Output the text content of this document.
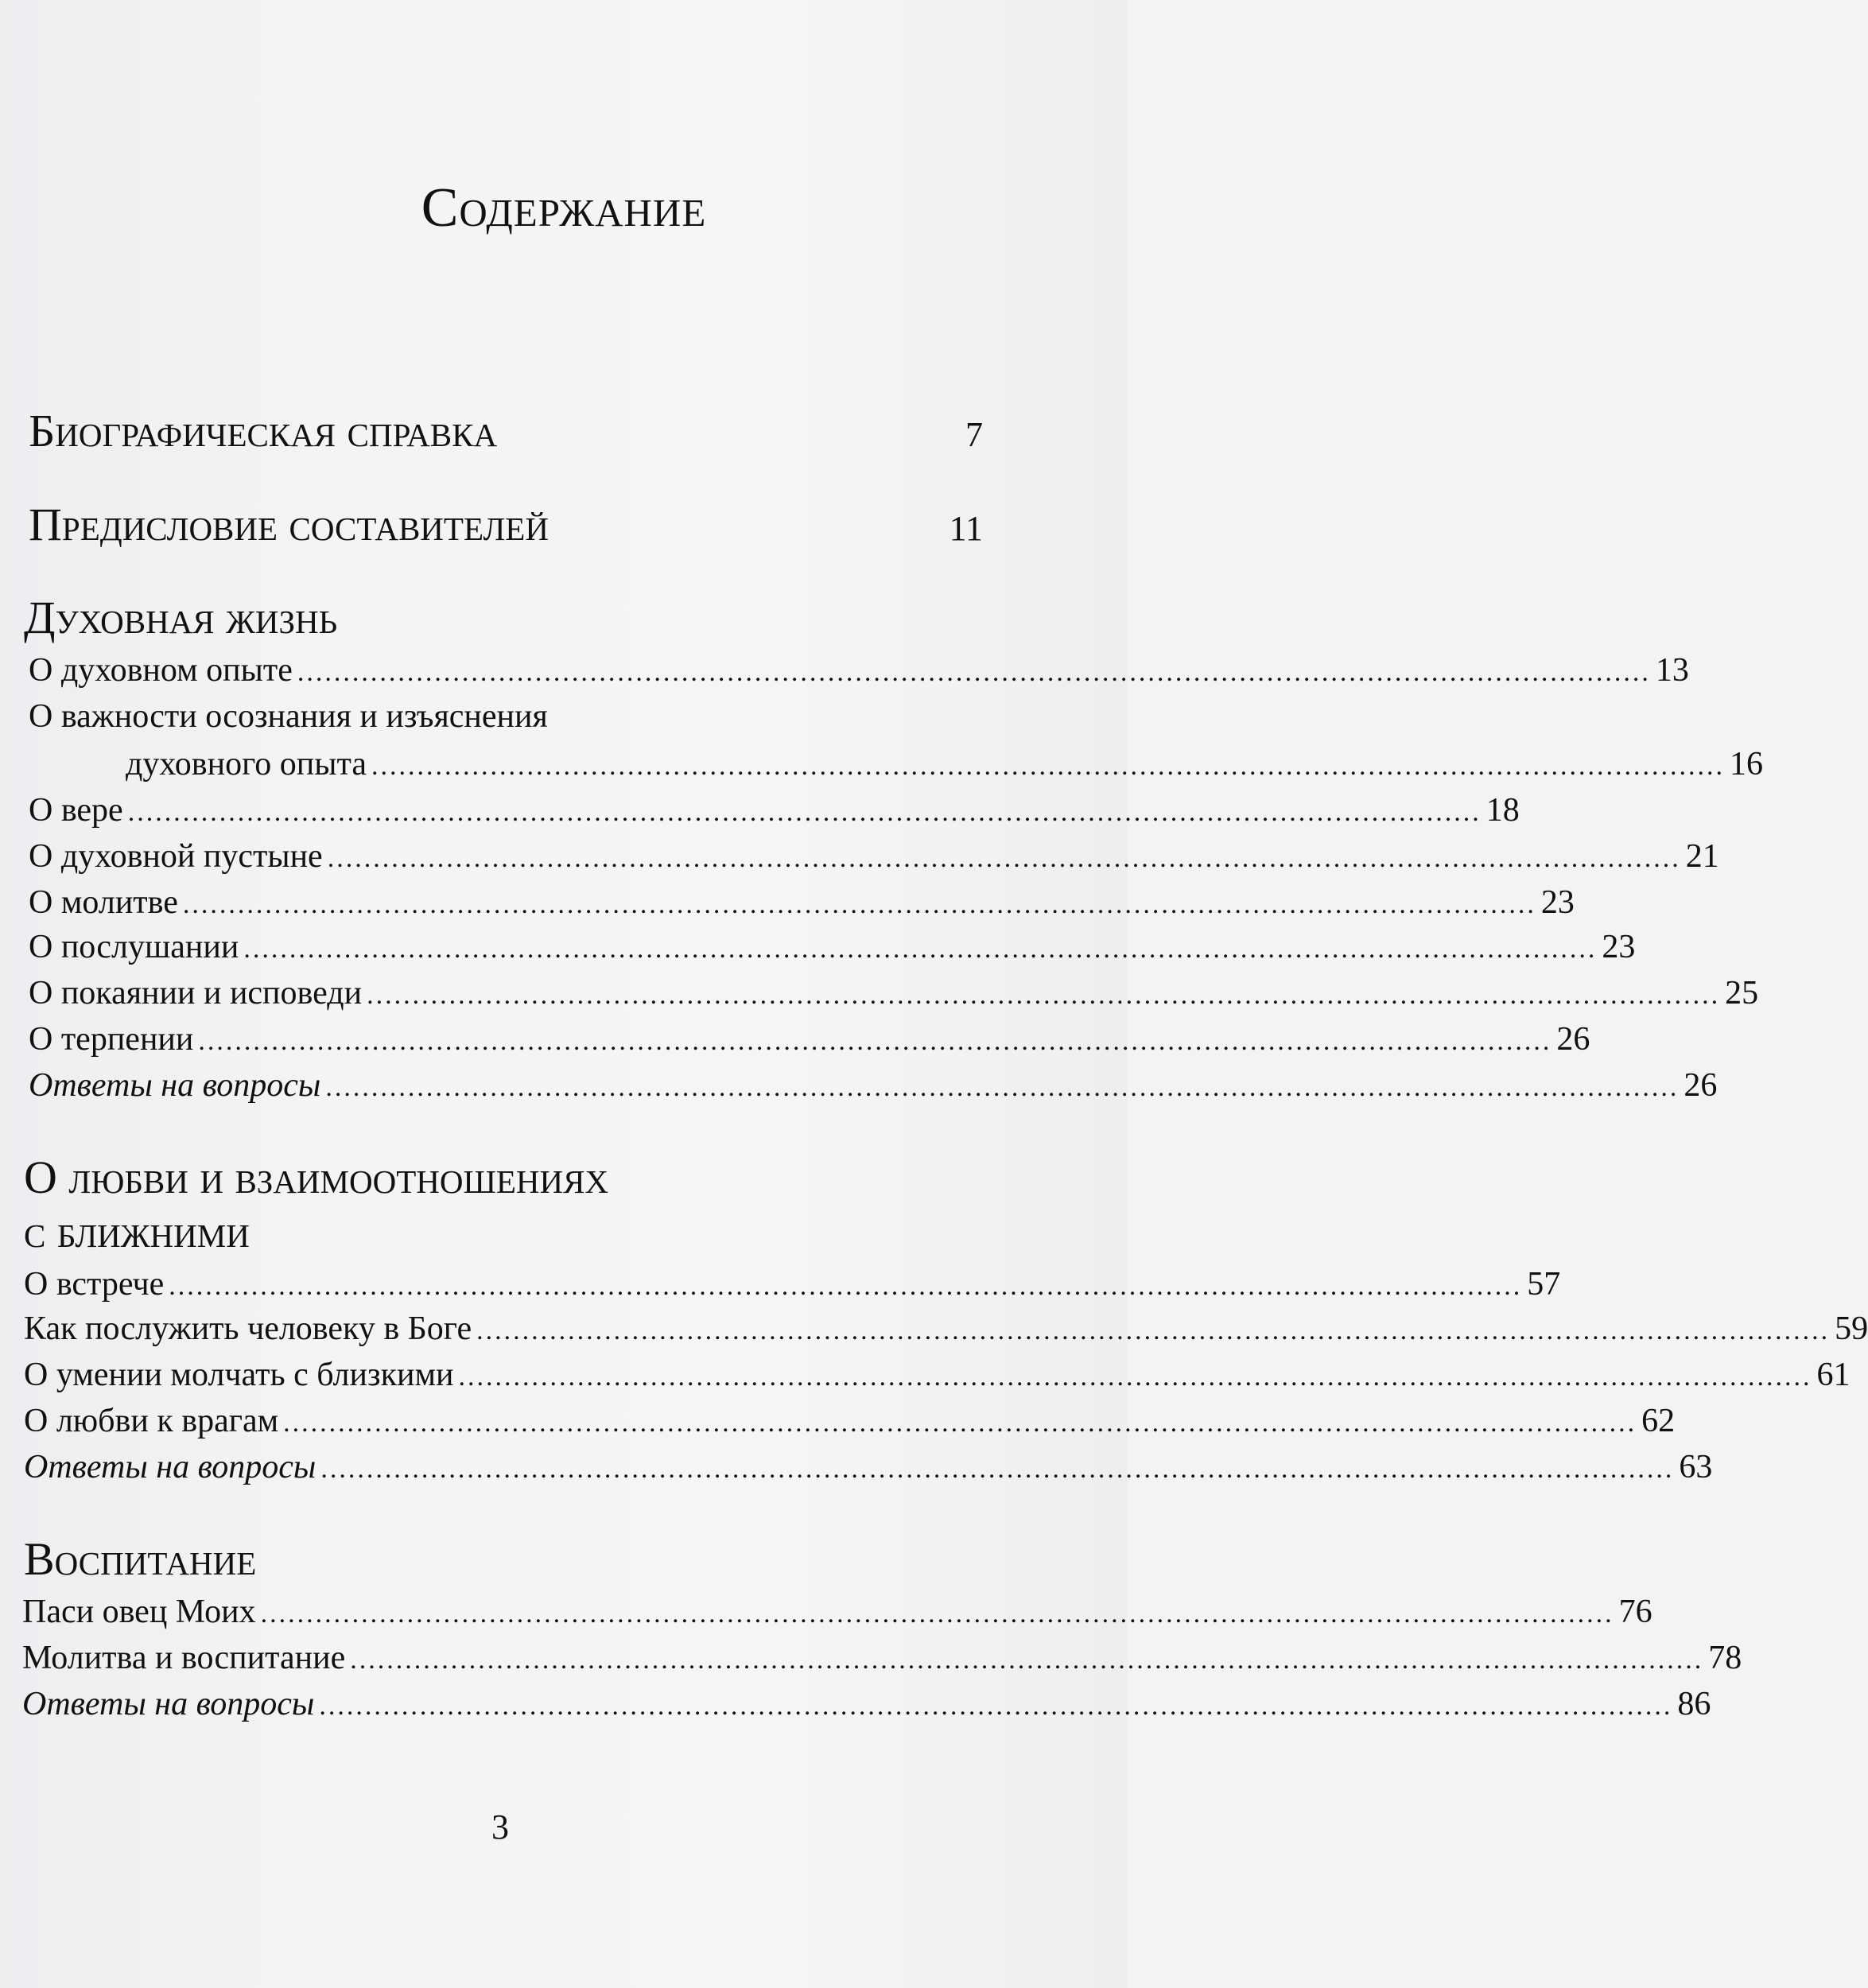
Содержание
Биографическая справка	7
Предисловие составителей	11
Духовная жизнь
О духовном опыте .................................................................................................................................................... 13
О важности осознания и изъяснения
духовного опыта .................................................................................................................................................... 16
О вере .................................................................................................................................................... 18
О духовной пустыне .................................................................................................................................................... 21
О молитве .................................................................................................................................................... 23
О послушании .................................................................................................................................................... 23
О покаянии и исповеди .................................................................................................................................................... 25
О терпении .................................................................................................................................................... 26
Ответы на вопросы .................................................................................................................................................... 26
О любви и взаимоотношениях
с ближними
О встрече .................................................................................................................................................... 57
Как послужить человеку в Боге .................................................................................................................................................... 59
О умении молчать с близкими .................................................................................................................................................... 61
О любви к врагам .................................................................................................................................................... 62
Ответы на вопросы .................................................................................................................................................... 63
Воспитание
Паси овец Моих .................................................................................................................................................... 76
Молитва и воспитание .................................................................................................................................................... 78
Ответы на вопросы .................................................................................................................................................... 86
3
